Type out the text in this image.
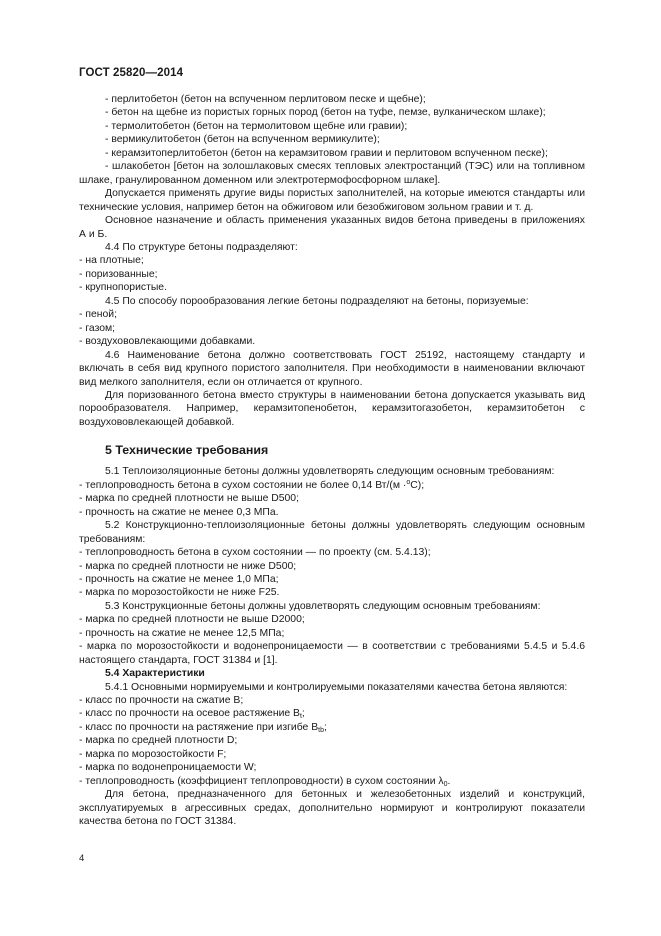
ГОСТ 25820—2014

- перлитобетон (бетон на вспученном перлитовом песке и щебне);

- бетон на щебне из пористых горных пород (бетон на туфе, пемзе, вулканическом шлаке);

- термолитобетон (бетон на термолитовом щебне или гравии);

- вермикулитобетон (бетон на вспученном вермикулите);

- керамзитоперлитобетон (бетон на керамзитовом гравии и перлитовом вспученном песке);

- шлакобетон [бетон на золошлаковых смесях тепловых электростанций (ТЭС) или на топливном шлаке, гранулированном доменном или электротермофосфорном шлаке].

Допускается применять другие виды пористых заполнителей, на которые имеются стандарты или технические условия, например бетон на обжиговом или безобжиговом зольном гравии и т. д.

Основное назначение и область применения указанных видов бетона приведены в приложениях А и Б.

4.4 По структуре бетоны подразделяют:

- на плотные;

- поризованные;

- крупнопористые.

4.5 По способу порообразования легкие бетоны подразделяют на бетоны, поризуемые:

- пеной;

- газом;

- воздухововлекающими добавками.

4.6 Наименование бетона должно соответствовать ГОСТ 25192, настоящему стандарту и включать в себя вид крупного пористого заполнителя. При необходимости в наименовании включают вид мелкого заполнителя, если он отличается от крупного.

Для поризованного бетона вместо структуры в наименовании бетона допускается указывать вид порообразователя. Например, керамзитопенобетон, керамзитогазобетон, керамзитобетон с воздухововлекающей добавкой.

5 Технические требования

5.1 Теплоизоляционные бетоны должны удовлетворять следующим основным требованиям:

- теплопроводность бетона в сухом состоянии не более 0,14 Вт/(м ·$^о$С);

- марка по средней плотности не выше D500;

- прочность на сжатие не менее 0,3 МПа.

5.2 Конструкционно-теплоизоляционные бетоны должны удовлетворять следующим основным требованиям:

- теплопроводность бетона в сухом состоянии — по проекту (см. 5.4.13);

- марка по средней плотности не ниже D500;

- прочность на сжатие не менее 1,0 МПа;

- марка по морозостойкости не ниже F25.

5.3 Конструкционные бетоны должны удовлетворять следующим основным требованиям:

- марка по средней плотности не выше D2000;

- прочность на сжатие не менее 12,5 МПа;

- марка по морозостойкости и водонепроницаемости — в соответствии с требованиями 5.4.5 и 5.4.6 настоящего стандарта, ГОСТ 31384 и [1].

5.4 Характеристики

5.4.1 Основными нормируемыми и контролируемыми показателями качества бетона являются:

- класс по прочности на сжатие В;

- класс по прочности на осевое растяжение $В_t$;

- класс по прочности на растяжение при изгибе $В_{tb}$;

- марка по средней плотности D;

- марка по морозостойкости F;

- марка по водонепроницаемости W;

- теплопроводность (коэффициент теплопроводности) в сухом состоянии $\lambda_0$.

Для бетона, предназначенного для бетонных и железобетонных изделий и конструкций, эксплуатируемых в агрессивных средах, дополнительно нормируют и контролируют показатели качества бетона по ГОСТ 31384.

4
